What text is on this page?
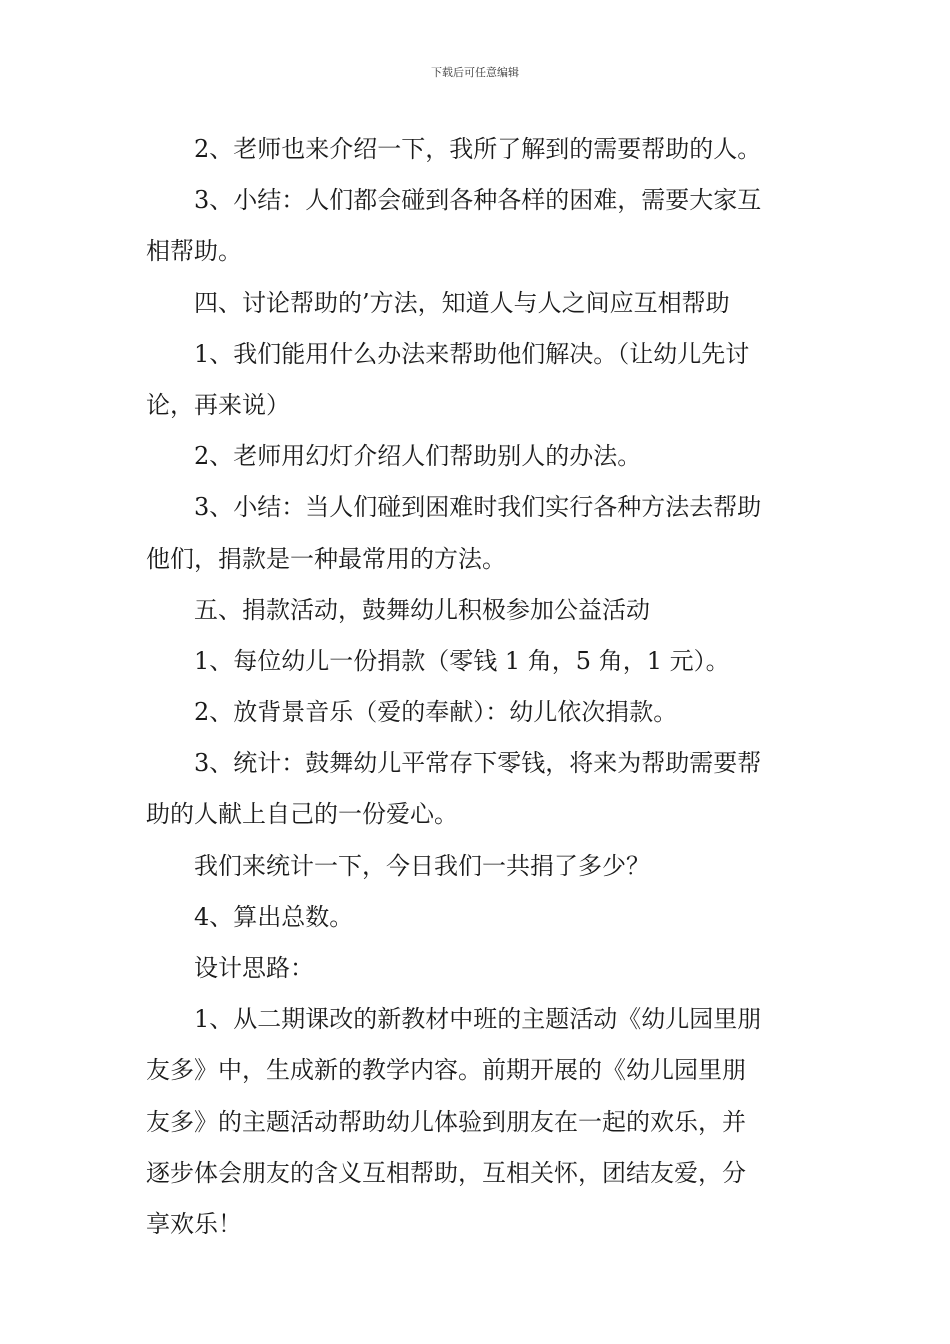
下载后可任意编辑
2、老师也来介绍一下，我所了解到的需要帮助的人。
3、小结：人们都会碰到各种各样的困难，需要大家互
相帮助。
四、讨论帮助的’方法，知道人与人之间应互相帮助
1、我们能用什么办法来帮助他们解决。（让幼儿先讨
论，再来说）
2、老师用幻灯介绍人们帮助别人的办法。
3、小结：当人们碰到困难时我们实行各种方法去帮助
他们，捐款是一种最常用的方法。
五、捐款活动，鼓舞幼儿积极参加公益活动
1、每位幼儿一份捐款（零钱 1 角，5 角，1 元）。
2、放背景音乐（爱的奉献）：幼儿依次捐款。
3、统计：鼓舞幼儿平常存下零钱，将来为帮助需要帮
助的人献上自己的一份爱心。
我们来统计一下，今日我们一共捐了多少？
4、算出总数。
设计思路：
1、从二期课改的新教材中班的主题活动《幼儿园里朋
友多》中，生成新的教学内容。前期开展的《幼儿园里朋
友多》的主题活动帮助幼儿体验到朋友在一起的欢乐，并
逐步体会朋友的含义互相帮助，互相关怀，团结友爱，分
享欢乐！
